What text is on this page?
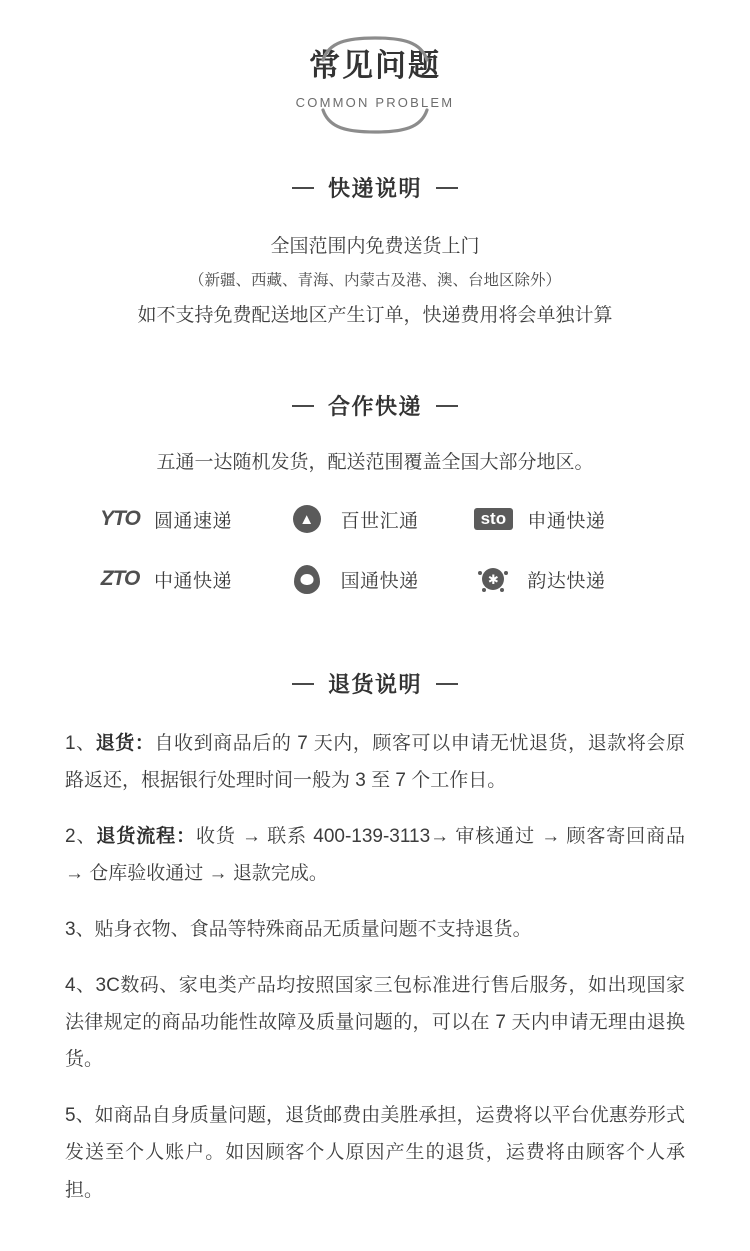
常见问题
COMMON PROBLEM
快递说明
全国范围内免费送货上门
（新疆、西藏、青海、内蒙古及港、澳、台地区除外）
如不支持免费配送地区产生订单，快递费用将会单独计算
合作快递
五通一达随机发货，配送范围覆盖全国大部分地区。
YTO 圆通速递	▲ 百世汇通	sto	申通快递
ZTO 中通快递	国通快递	✱ 韵达快递
退货说明

1、退货：自收到商品后的 7 天内，顾客可以申请无忧退货，退款将会原路返还，根据银行处理时间一般为 3 至 7 个工作日。

2、退货流程：收货 → 联系 400-139-3113→ 审核通过 → 顾客寄回商品 → 仓库验收通过 → 退款完成。

3、贴身衣物、食品等特殊商品无质量问题不支持退货。

4、3C数码、家电类产品均按照国家三包标准进行售后服务，如出现国家法律规定的商品功能性故障及质量问题的，可以在 7 天内申请无理由退换货。

5、如商品自身质量问题，退货邮费由美胜承担，运费将以平台优惠券形式发送至个人账户。如因顾客个人原因产生的退货，运费将由顾客个人承担。
